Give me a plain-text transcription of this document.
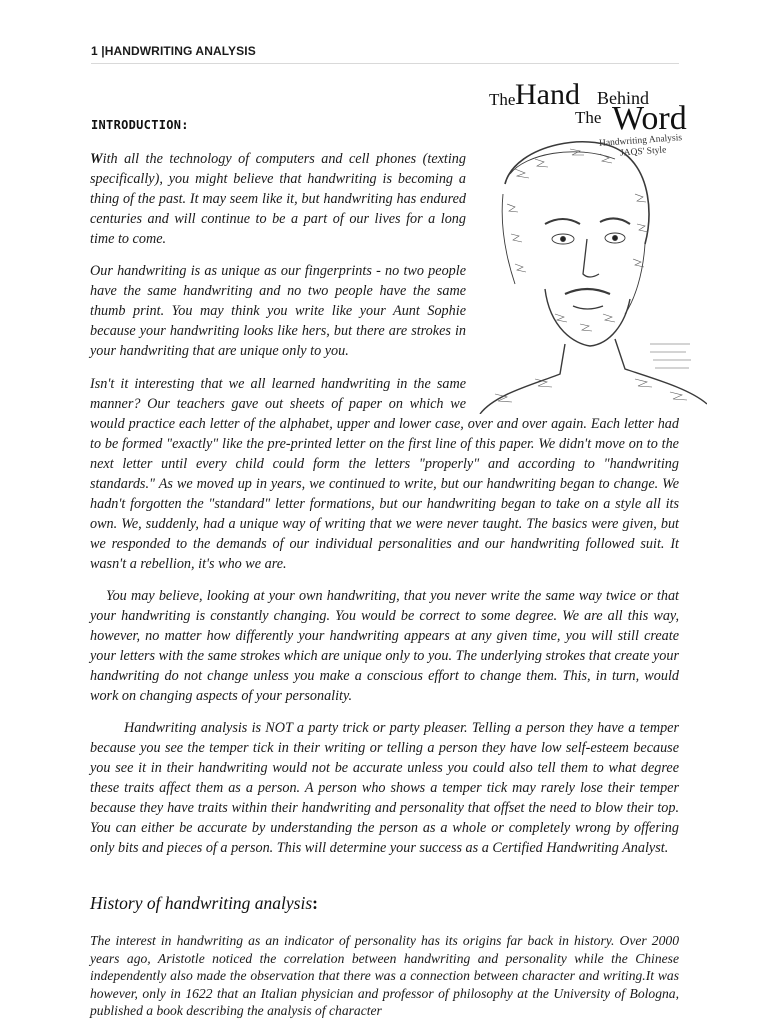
1 |HANDWRITING ANALYSIS
INTRODUCTION:
The Hand Behind
The Word
Handwriting Analysis
JAQS' Style

With all the technology of computers and cell phones (texting specifically), you might believe that handwriting is becoming a thing of the past. It may seem like it, but handwriting has endured centuries and will continue to be a part of our lives for a long time to come.

Our handwriting is as unique as our fingerprints - no two people have the same handwriting and no two people have the same thumb print. You may think you write like your Aunt Sophie because your handwriting looks like hers, but there are strokes in your handwriting that are unique only to you.

Isn't it interesting that we all learned handwriting in the same manner? Our teachers gave out sheets of paper on which we would practice each letter of the alphabet, upper and lower case, over and over again. Each letter had to be formed "exactly" like the pre-printed letter on the first line of this paper. We didn't move on to the next letter until every child could form the letters "properly" and according to "handwriting standards." As we moved up in years, we continued to write, but our handwriting began to change. We hadn't forgotten the "standard" letter formations, but our handwriting began to take on a style all its own. We, suddenly, had a unique way of writing that we were never taught. The basics were given, but we responded to the demands of our individual personalities and our handwriting followed suit. It wasn't a rebellion, it's who we are.

You may believe, looking at your own handwriting, that you never write the same way twice or that your handwriting is constantly changing. You would be correct to some degree. We are all this way, however, no matter how differently your handwriting appears at any given time, you will still create your letters with the same strokes which are unique only to you. The underlying strokes that create your handwriting do not change unless you make a conscious effort to change them. This, in turn, would work on changing aspects of your personality.

Handwriting analysis is NOT a party trick or party pleaser. Telling a person they have a temper because you see the temper tick in their writing or telling a person they have low self-esteem because you see it in their handwriting would not be accurate unless you could also tell them to what degree these traits affect them as a person. A person who shows a temper tick may rarely lose their temper because they have traits within their handwriting and personality that offset the need to blow their top. You can either be accurate by understanding the person as a whole or completely wrong by offering only bits and pieces of a person. This will determine your success as a Certified Handwriting Analyst.

History of handwriting analysis:
The interest in handwriting as an indicator of personality has its origins far back in history. Over 2000 years ago, Aristotle noticed the correlation between handwriting and personality while the Chinese independently also made the observation that there was a connection between character and writing.It was however, only in 1622 that an Italian physician and professor of philosophy at the University of Bologna, published a book describing the analysis of character
